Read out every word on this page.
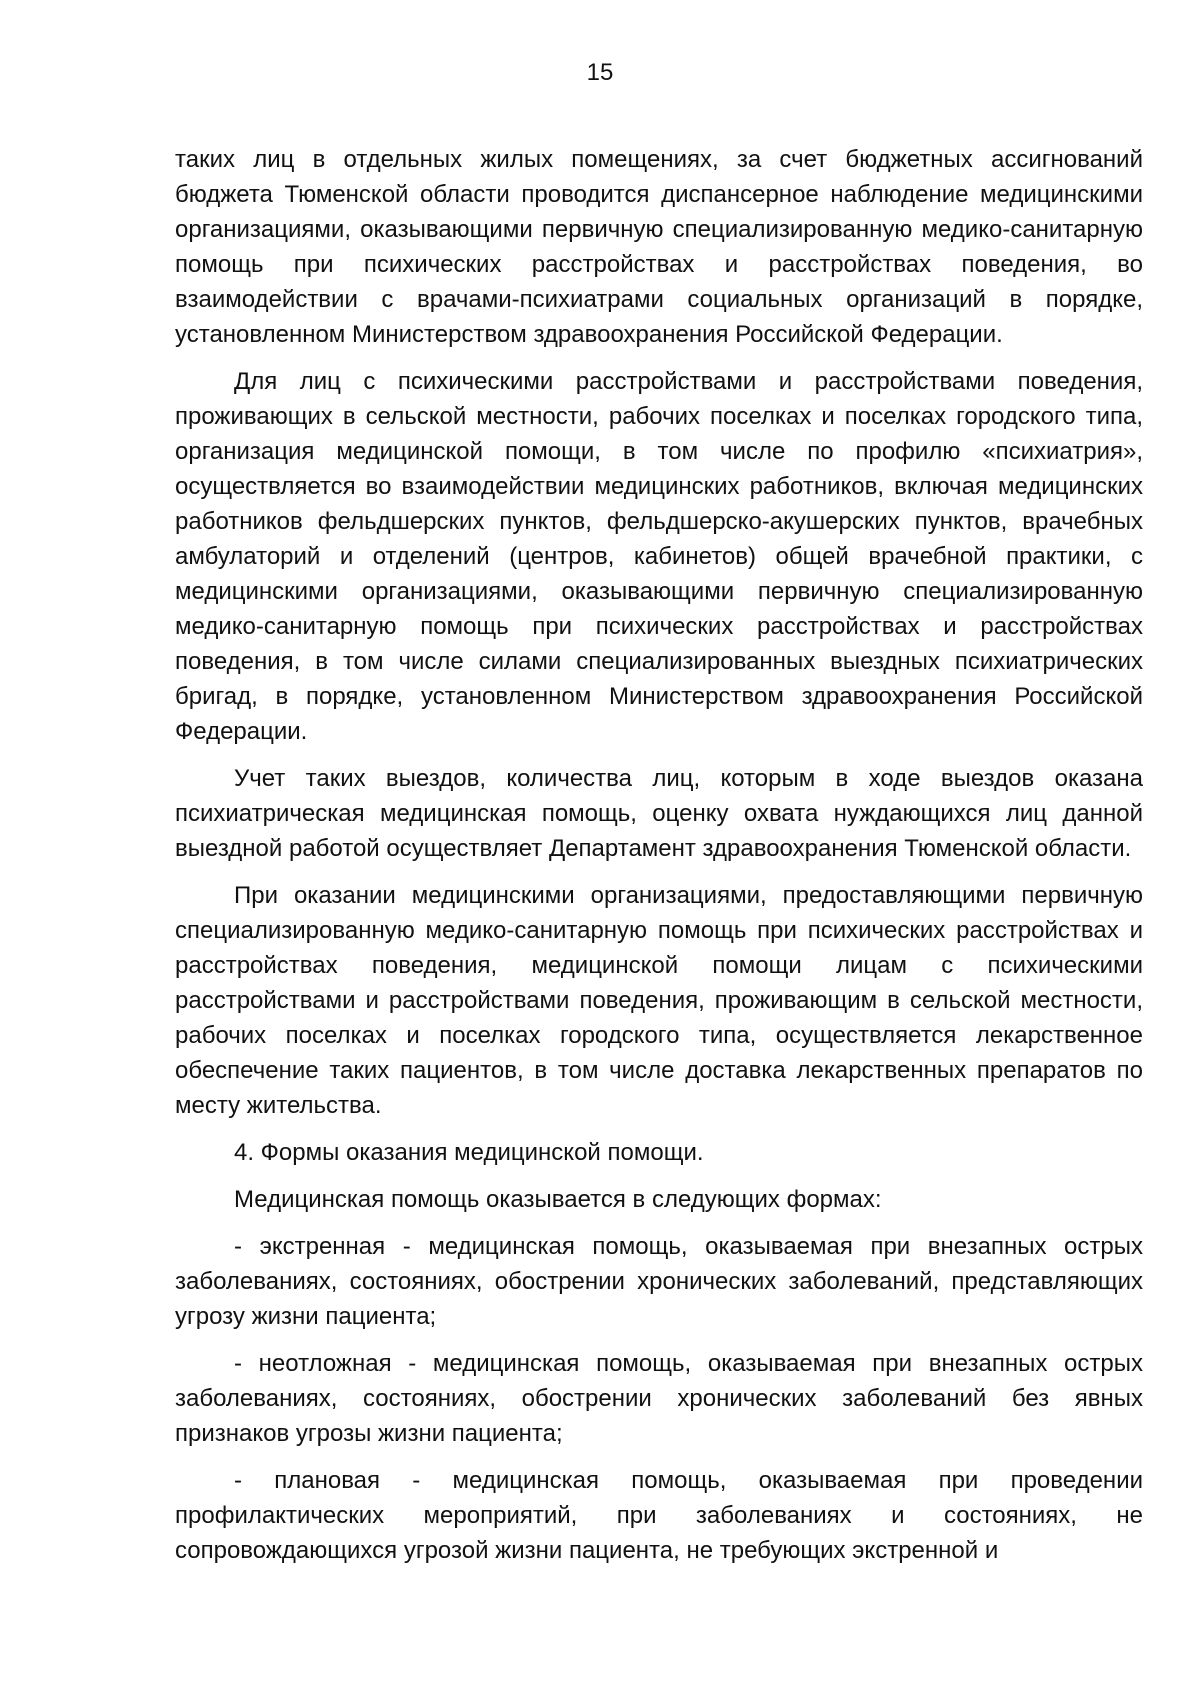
15

таких лиц в отдельных жилых помещениях, за счет бюджетных ассигнований бюджета Тюменской области проводится диспансерное наблюдение медицинскими организациями, оказывающими первичную специализированную медико-санитарную помощь при психических расстройствах и расстройствах поведения, во взаимодействии с врачами-психиатрами социальных организаций в порядке, установленном Министерством здравоохранения Российской Федерации.

Для лиц с психическими расстройствами и расстройствами поведения, проживающих в сельской местности, рабочих поселках и поселках городского типа, организация медицинской помощи, в том числе по профилю «психиатрия», осуществляется во взаимодействии медицинских работников, включая медицинских работников фельдшерских пунктов, фельдшерско-акушерских пунктов, врачебных амбулаторий и отделений (центров, кабинетов) общей врачебной практики, с медицинскими организациями, оказывающими первичную специализированную медико-санитарную помощь при психических расстройствах и расстройствах поведения, в том числе силами специализированных выездных психиатрических бригад, в порядке, установленном Министерством здравоохранения Российской Федерации.

Учет таких выездов, количества лиц, которым в ходе выездов оказана психиатрическая медицинская помощь, оценку охвата нуждающихся лиц данной выездной работой осуществляет Департамент здравоохранения Тюменской области.

При оказании медицинскими организациями, предоставляющими первичную специализированную медико-санитарную помощь при психических расстройствах и расстройствах поведения, медицинской помощи лицам с психическими расстройствами и расстройствами поведения, проживающим в сельской местности, рабочих поселках и поселках городского типа, осуществляется лекарственное обеспечение таких пациентов, в том числе доставка лекарственных препаратов по месту жительства.

4. Формы оказания медицинской помощи.

Медицинская помощь оказывается в следующих формах:

- экстренная - медицинская помощь, оказываемая при внезапных острых заболеваниях, состояниях, обострении хронических заболеваний, представляющих угрозу жизни пациента;

- неотложная - медицинская помощь, оказываемая при внезапных острых заболеваниях, состояниях, обострении хронических заболеваний без явных признаков угрозы жизни пациента;

- плановая - медицинская помощь, оказываемая при проведении профилактических мероприятий, при заболеваниях и состояниях, не сопровождающихся угрозой жизни пациента, не требующих экстренной и
